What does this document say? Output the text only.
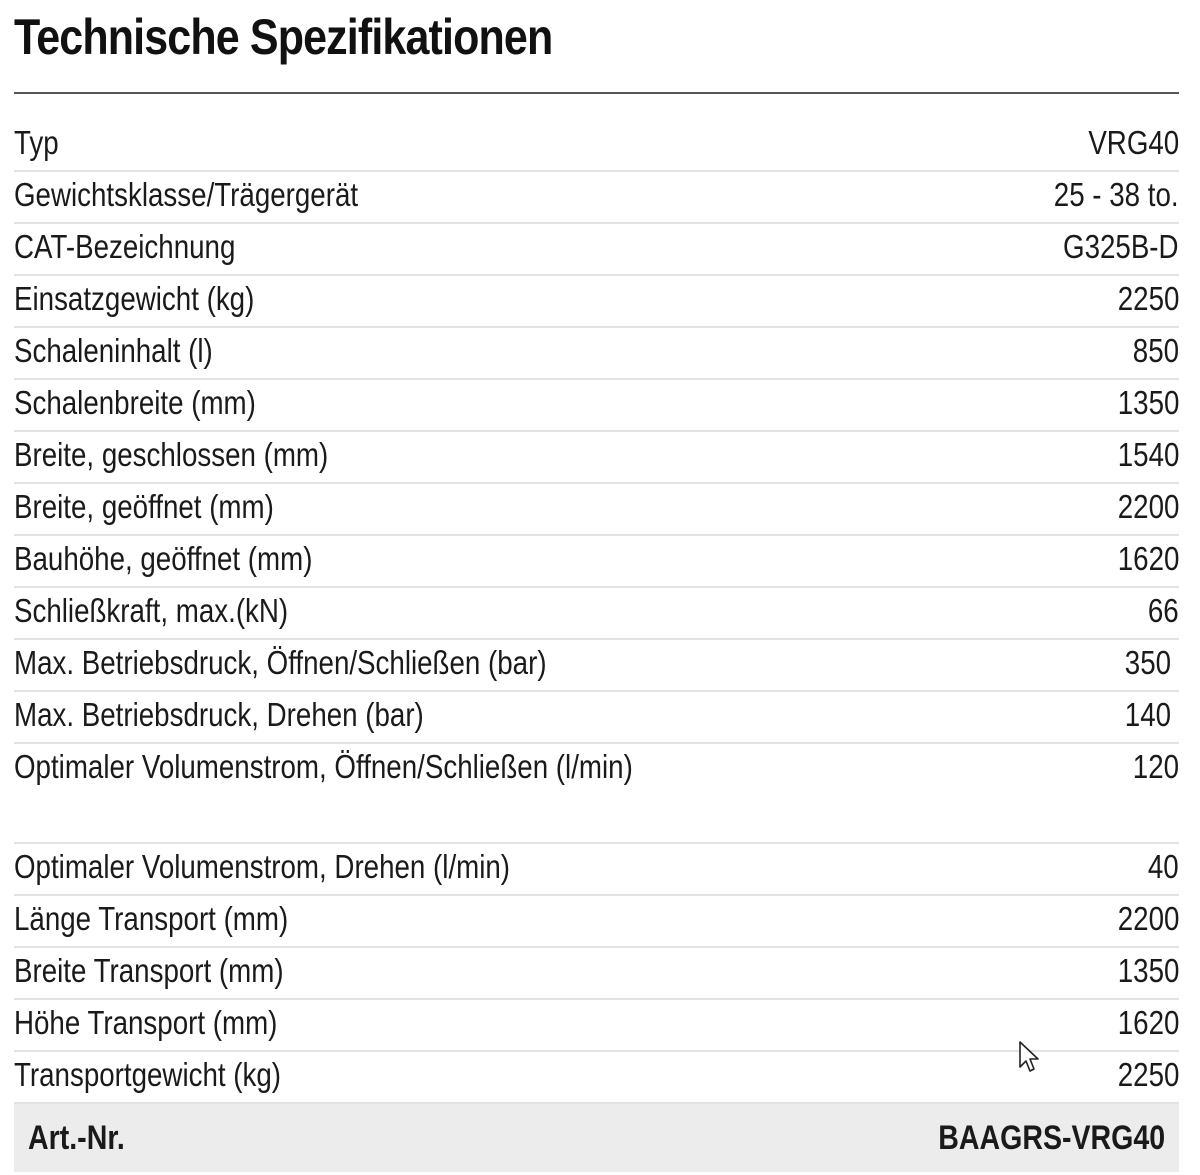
Technische Spezifikationen
Typ	VRG40
Gewichtsklasse/Trägergerät	25 - 38 to.
CAT-Bezeichnung	G325B-D
Einsatzgewicht (kg)	2250
Schaleninhalt (l)	850
Schalenbreite (mm)	1350
Breite, geschlossen (mm)	1540
Breite, geöffnet (mm)	2200
Bauhöhe, geöffnet (mm)	1620
Schließkraft, max.(kN)	66
Max. Betriebsdruck, Öffnen/Schließen (bar)	350
Max. Betriebsdruck, Drehen (bar)	140
Optimaler Volumenstrom, Öffnen/Schließen (l/min)	120
Optimaler Volumenstrom, Drehen (l/min)	40
Länge Transport (mm)	2200
Breite Transport (mm)	1350
Höhe Transport (mm)	1620
Transportgewicht (kg)	2250
Art.-Nr.	BAAGRS-VRG40
